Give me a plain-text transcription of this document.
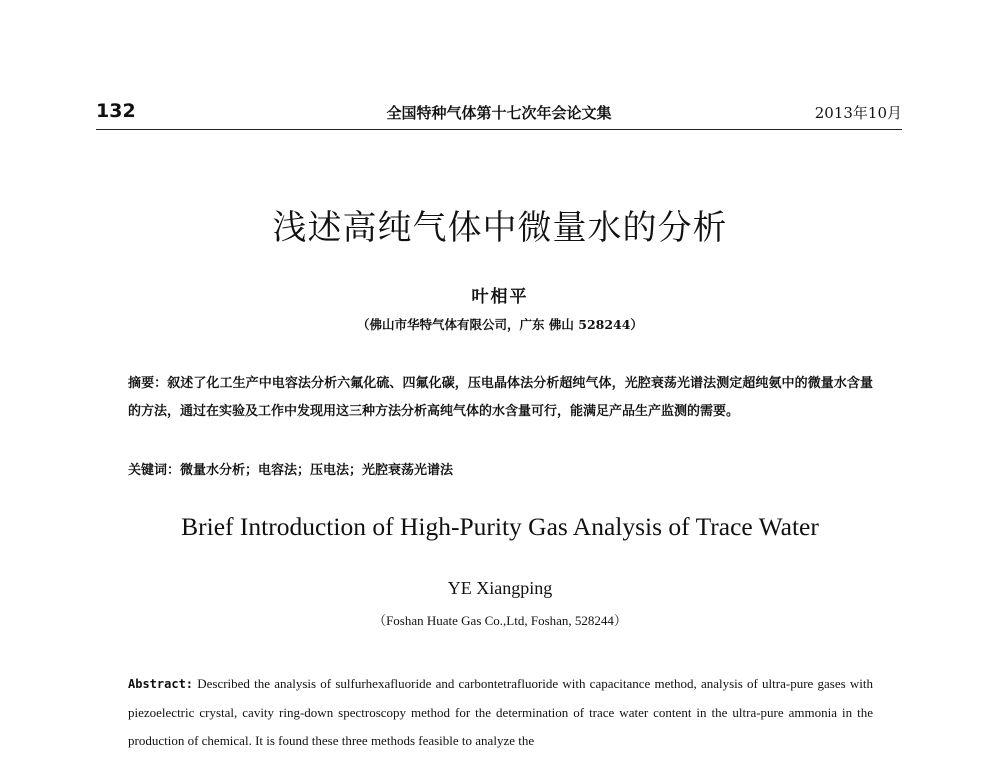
132	全国特种气体第十七次年会论文集	2013年10月
浅述高纯气体中微量水的分析
叶相平
（佛山市华特气体有限公司，广东 佛山 528244）

摘要：叙述了化工生产中电容法分析六氟化硫、四氟化碳，压电晶体法分析超纯气体，光腔衰荡光谱法测定超纯氨中的微量水含量的方法，通过在实验及工作中发现用这三种方法分析高纯气体的水含量可行，能满足产品生产监测的需要。

关键词：微量水分析；电容法；压电法；光腔衰荡光谱法

Brief Introduction of High-Purity Gas Analysis of Trace Water
YE Xiangping
（Foshan Huate Gas Co.,Ltd, Foshan, 528244）

Abstract: Described the analysis of sulfurhexafluoride and carbontetrafluoride with capacitance method, analysis of ultra-pure gases with piezoelectric crystal, cavity ring-down spectroscopy method for the determination of trace water content in the ultra-pure ammonia in the production of chemical. It is found these three methods feasible to analyze the
